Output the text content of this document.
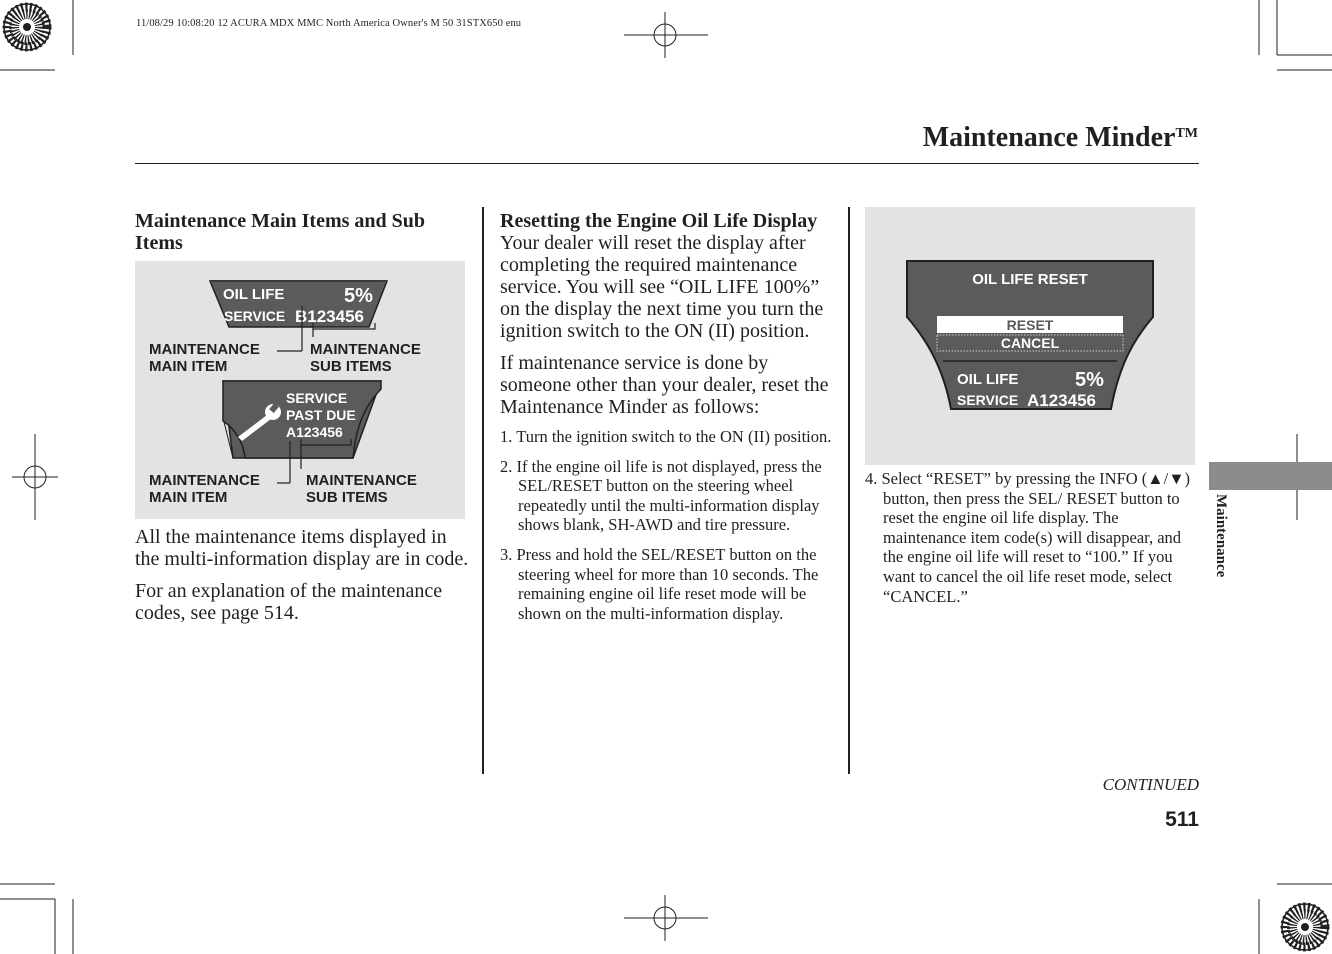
11/08/29 10:08:20 12 ACURA MDX MMC North America Owner's M 50 31STX650 enu
Maintenance Minder™
Maintenance Main Items and Sub Items
OIL LIFE	5%
SERVICE B123456
SERVICE
PAST DUE
A123456
MAINTENANCE
MAIN ITEM
MAINTENANCE
SUB ITEMS
MAINTENANCE
MAIN ITEM
MAINTENANCE
SUB ITEMS

All the maintenance items displayed in the multi-information display are in code.

For an explanation of the maintenance codes, see page 514.

Resetting the Engine Oil Life Display

Your dealer will reset the display after completing the required maintenance service. You will see “OIL LIFE 100%” on the display the next time you turn the ignition switch to the ON (II) position.

If maintenance service is done by someone other than your dealer, reset the Maintenance Minder as follows:

1. Turn the ignition switch to the ON (II) position.

2. If the engine oil life is not displayed, press the SEL/RESET button on the steering wheel repeatedly until the multi-information display shows blank, SH-AWD and tire pressure.

3. Press and hold the SEL/RESET button on the steering wheel for more than 10 seconds. The remaining engine oil life reset mode will be shown on the multi-information display.

OIL LIFE RESET
RESET
CANCEL
OIL LIFE	5%
SERVICE A123456

4. Select “RESET” by pressing the INFO (▲/▼) button, then press the SEL/ RESET button to reset the engine oil life display. The maintenance item code(s) will disappear, and the engine oil life will reset to “100.” If you want to cancel the oil life reset mode, select “CANCEL.”

Maintenance
CONTINUED
511
